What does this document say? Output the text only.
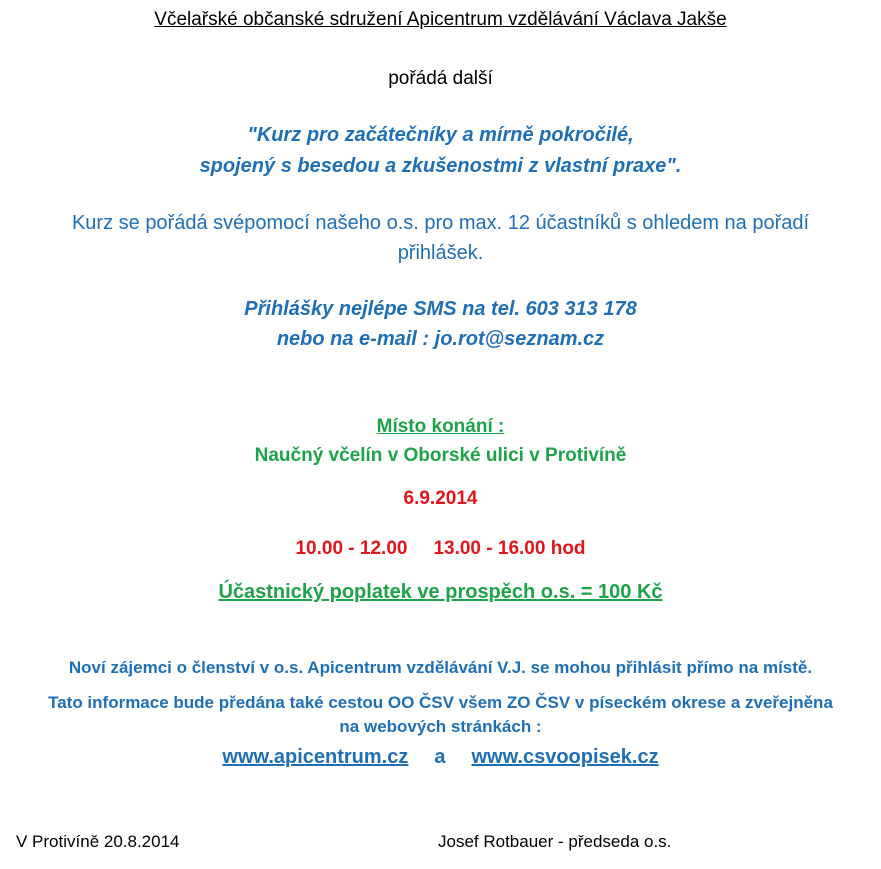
Včelařské občanské sdružení Apicentrum vzdělávání Václava Jakše
pořádá další
"Kurz pro začátečníky a mírně pokročilé,
spojený s besedou a zkušenostmi z vlastní praxe".
Kurz se pořádá svépomocí našeho o.s. pro max. 12 účastníků s ohledem na pořadí
přihlášek.
Přihlášky nejlépe SMS na tel. 603 313 178
nebo na e-mail : jo.rot@seznam.cz
Místo konání :
Naučný včelín v Oborské ulici v Protivíně
6.9.2014
10.00 - 12.00 13.00 - 16.00 hod
Účastnický poplatek ve prospěch o.s. = 100 Kč
Noví zájemci o členství v o.s. Apicentrum vzdělávání V.J. se mohou přihlásit přímo na místě.
Tato informace bude předána také cestou OO ČSV všem ZO ČSV v píseckém okrese a zveřejněna
na webových stránkách :
www.apicentrum.cz a www.csvoopisek.cz
V Protivíně 20.8.2014	Josef Rotbauer - předseda o.s.
